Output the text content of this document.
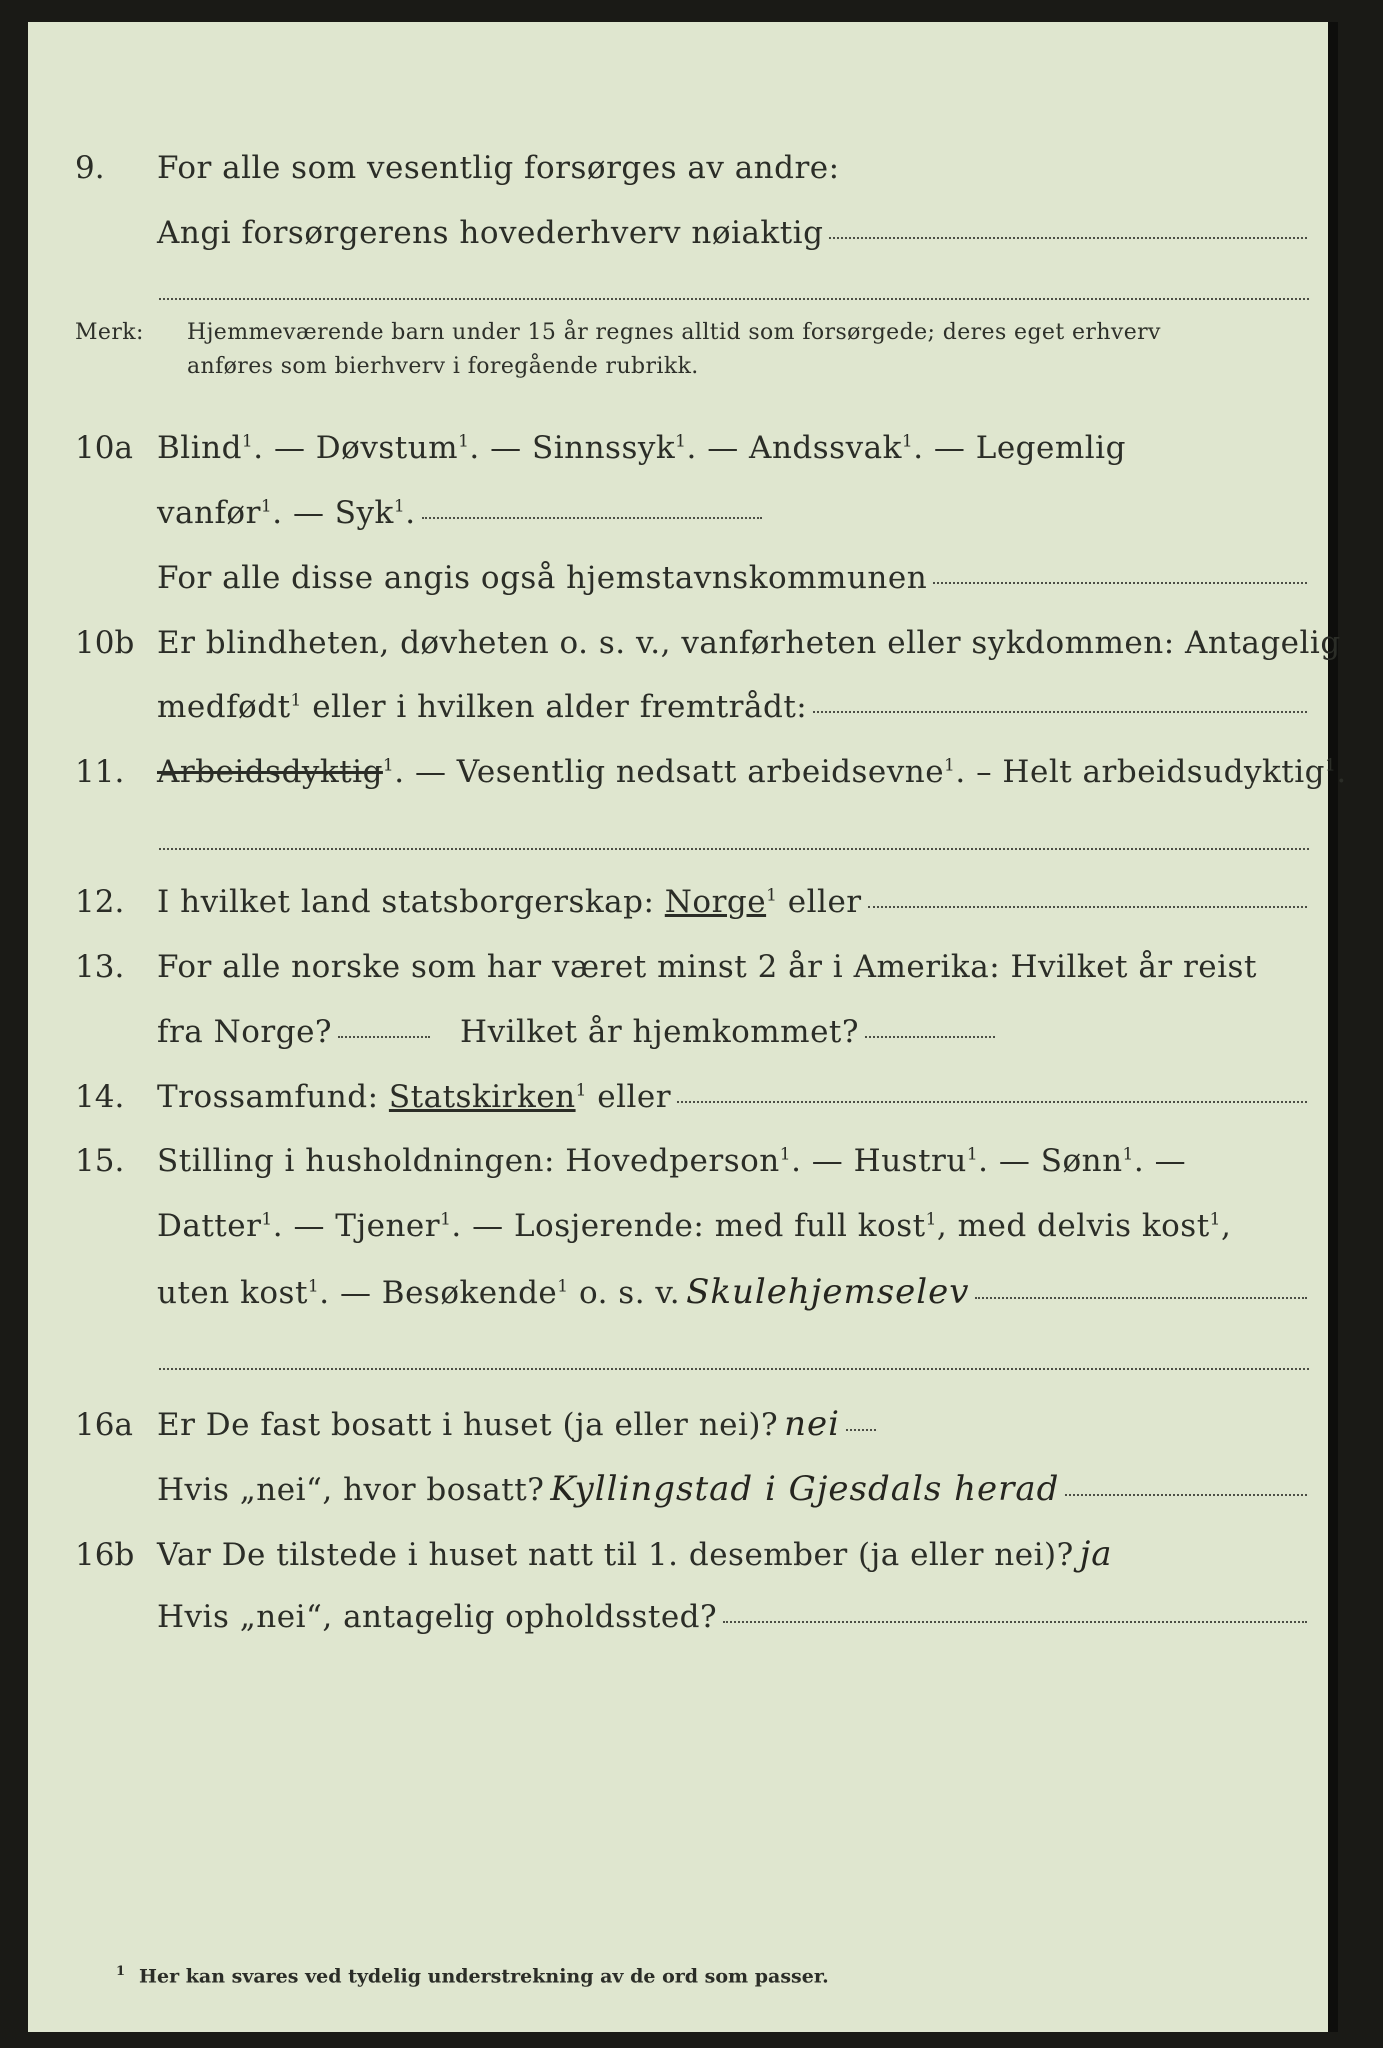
9.	For alle som vesentlig forsørges av andre:
Angi forsørgerens hovederhverv nøiaktig
Merk: Hjemmeværende barn under 15 år regnes alltid som forsørgede; deres eget erhverv
anføres som bierhverv i foregående rubrikk.
10a Blind$^1$. — Døvstum$^1$. — Sinnssyk$^1$. — Andssvak$^1$. — Legemlig
vanfør$^1$. — Syk$^1$.
For alle disse angis også hjemstavnskommunen
10b Er blindheten, døvheten o. s. v., vanførheten eller sykdommen: Antagelig
medfødt$^1$ eller i hvilken alder fremtrådt:
11.	Arbeidsdyktig$^1$. — Vesentlig nedsatt arbeidsevne$^1$. – Helt arbeidsudyktig$^1$.
12.	I hvilket land statsborgerskap: Norge$^1$ eller
13.	For alle norske som har været minst 2 år i Amerika: Hvilket år reist
fra Norge?	Hvilket år hjemkommet?
14.	Trossamfund: Statskirken$^1$ eller
15.	Stilling i husholdningen: Hovedperson$^1$. — Hustru$^1$. — Sønn$^1$. —
Datter$^1$. — Tjener$^1$. — Losjerende: med full kost$^1$, med delvis kost$^1$,
uten kost$^1$. — Besøkende$^1$ o. s. v. Skulehjemselev
16a Er De fast bosatt i huset (ja eller nei)? nei
Hvis „nei“, hvor bosatt? Kyllingstad i Gjesdals herad
16b Var De tilstede i huset natt til 1. desember (ja eller nei)? ja
Hvis „nei“, antagelig opholdssted?
$^1$ Her kan svares ved tydelig understrekning av de ord som passer.
